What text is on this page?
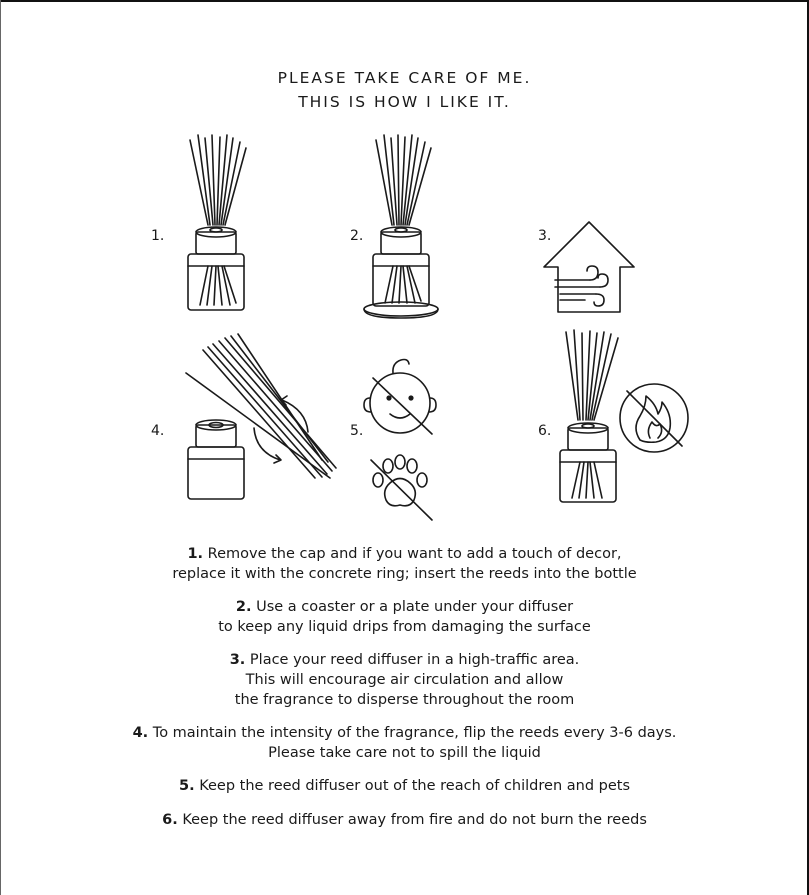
PLEASE TAKE CARE OF ME.
THIS IS HOW I LIKE IT.
1.	2.	3.
4.	5.	6.
1. Remove the cap and if you want to add a touch of decor,
replace it with the concrete ring; insert the reeds into the bottle
2. Use a coaster or a plate under your diffuser
to keep any liquid drips from damaging the surface
3. Place your reed diffuser in a high-traffic area.
This will encourage air circulation and allow
the fragrance to disperse throughout the room
4. To maintain the intensity of the fragrance, flip the reeds every 3-6 days.
Please take care not to spill the liquid
5. Keep the reed diffuser out of the reach of children and pets
6. Keep the reed diffuser away from fire and do not burn the reeds
